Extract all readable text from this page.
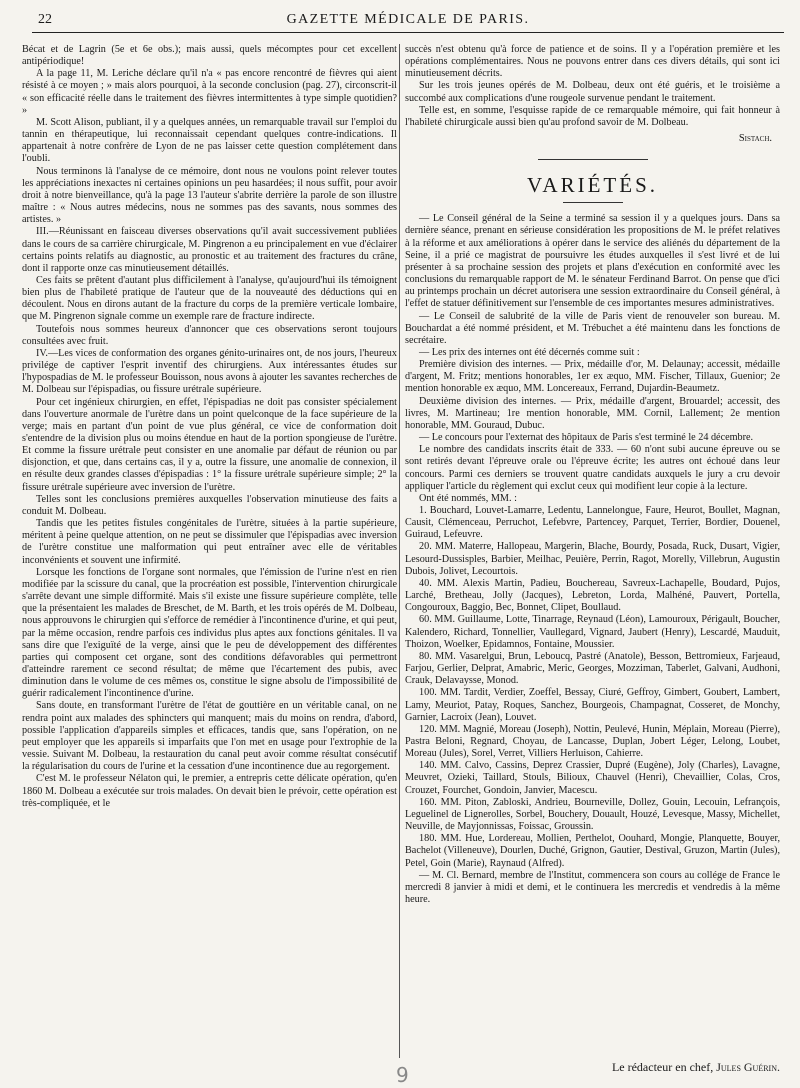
22	GAZETTE MÉDICALE DE PARIS.

Bécat et de Lagrin (5e et 6e obs.); mais aussi, quels mécomptes pour cet excellent antipériodique!

A la page 11, M. Leriche déclare qu'il n'a « pas encore rencontré de fièvres qui aient résisté à ce moyen ; » mais alors pourquoi, à la seconde conclusion (pag. 27), circonscrit-il « son efficacité réelle dans le traitement des fièvres intermittentes à type simple quotidien? »

M. Scott Alison, publiant, il y a quelques années, un remarquable travail sur l'emploi du tannin en thérapeutique, lui reconnaissait cependant quelques contre-indications. Il appartenait à notre confrère de Lyon de ne pas laisser cette question complétement dans l'oubli.

Nous terminons là l'analyse de ce mémoire, dont nous ne voulons point relever toutes les appréciations inexactes ni certaines opinions un peu hasardées; il nous suffit, pour avoir droit à notre bienveillance, qu'à la page 13 l'auteur s'abrite derrière la parole de son illustre maître : « Nous autres médecins, nous ne sommes pas des savants, nous sommes des artistes. »

III.—Réunissant en faisceau diverses observations qu'il avait successivement publiées dans le cours de sa carrière chirurgicale, M. Pingrenon a eu principalement en vue d'éclairer certains points relatifs au diagnostic, au pronostic et au traitement des fractures du crâne, dont il rapporte onze cas minutieusement détaillés.

Ces faits se prêtent d'autant plus difficilement à l'analyse, qu'aujourd'hui ils témoignent bien plus de l'habileté pratique de l'auteur que de la nouveauté des déductions qui en découlent. Nous en dirons autant de la fracture du corps de la première verticale lombaire, que M. Pingrenon signale comme un exemple rare de fracture indirecte.

Toutefois nous sommes heureux d'annoncer que ces observations seront toujours consultées avec fruit.

IV.—Les vices de conformation des organes génito-urinaires ont, de nos jours, l'heureux privilége de captiver l'esprit inventif des chirurgiens. Aux intéressantes études sur l'hypospadias de M. le professeur Bouisson, nous avons à ajouter les savantes recherches de M. Dolbeau sur l'épispadias, ou fissure urétrale supérieure.

Pour cet ingénieux chirurgien, en effet, l'épispadias ne doit pas consister spécialement dans l'ouverture anormale de l'urètre dans un point quelconque de la face supérieure de la verge; mais en partant d'un point de vue plus général, ce vice de conformation doit s'entendre de la division plus ou moins étendue en haut de la portion spongieuse de l'urètre. Et comme la fissure urétrale peut consister en une anomalie par défaut de réunion ou par disjonction, et que, dans certains cas, il y a, outre la fissure, une anomalie de connexion, il en résulte deux grandes classes d'épispadias : 1° la fissure urétrale supérieure simple; 2° la fissure urétrale supérieure avec inversion de l'urètre.

Telles sont les conclusions premières auxquelles l'observation minutieuse des faits a conduit M. Dolbeau.

Tandis que les petites fistules congénitales de l'urètre, situées à la partie supérieure, méritent à peine quelque attention, on ne peut se dissimuler que l'épispadias avec inversion de l'urètre constitue une malformation qui peut entraîner avec elle de véritables inconvénients et souvent une infirmité.

Lorsque les fonctions de l'organe sont normales, que l'émission de l'urine n'est en rien modifiée par la scissure du canal, que la procréation est possible, l'intervention chirurgicale s'arrête devant une simple difformité. Mais s'il existe une fissure supérieure complète, telle que la présentaient les malades de Breschet, de M. Barth, et les trois opérés de M. Dolbeau, nous approuvons le chirurgien qui s'efforce de remédier à l'incontinence d'urine, et qui peut, par la même occasion, rendre parfois ces individus plus aptes aux fonctions génitales. Il va sans dire que l'exiguïté de la verge, ainsi que le peu de développement des différentes parties qui composent cet organe, sont des conditions défavorables qui permettront d'atteindre rarement ce second résultat; de même que l'écartement des pubis, avec diminution dans le volume de ces mêmes os, constitue le signe absolu de l'impossibilité de guérir radicalement l'incontinence d'urine.

Sans doute, en transformant l'urètre de l'état de gouttière en un véritable canal, on ne rendra point aux malades des sphincters qui manquent; mais du moins on rendra, d'abord, possible l'application d'appareils simples et efficaces, tandis que, sans l'opération, on ne peut employer que les appareils si imparfaits que l'on met en usage pour l'extrophie de la vessie. Suivant M. Dolbeau, la restauration du canal peut avoir comme résultat consécutif la régularisation du cours de l'urine et la cessation d'une incontinence due au regorgement.

C'est M. le professeur Nélaton qui, le premier, a entrepris cette délicate opération, qu'en 1860 M. Dolbeau a exécutée sur trois malades. On devait bien le prévoir, cette opération est très-compliquée, et le

succès n'est obtenu qu'à force de patience et de soins. Il y a l'opération première et les opérations complémentaires. Nous ne pouvons entrer dans ces divers détails, qui sont ici minutieusement décrits.

Sur les trois jeunes opérés de M. Dolbeau, deux ont été guéris, et le troisième a succombé aux complications d'une rougeole survenue pendant le traitement.

Telle est, en somme, l'esquisse rapide de ce remarquable mémoire, qui fait honneur à l'habileté chirurgicale aussi bien qu'au profond savoir de M. Dolbeau.

Sistach.
VARIÉTÉS.

— Le Conseil général de la Seine a terminé sa session il y a quelques jours. Dans sa dernière séance, prenant en sérieuse considération les propositions de M. le préfet relatives à la réforme et aux améliorations à opérer dans le service des aliénés du département de la Seine, il a prié ce magistrat de poursuivre les études auxquelles il s'est livré et de lui présenter à sa prochaine session des projets et plans d'exécution en conformité avec les conclusions du remarquable rapport de M. le sénateur Ferdinand Barrot. On pense que d'ici au printemps prochain un décret autorisera une session extraordinaire du Conseil général, à l'effet de statuer définitivement sur l'ensemble de ces importantes mesures administratives.

— Le Conseil de salubrité de la ville de Paris vient de renouveler son bureau. M. Bouchardat a été nommé président, et M. Trébuchet a été maintenu dans les fonctions de secrétaire.

— Les prix des internes ont été décernés comme suit :

Première division des internes. — Prix, médaille d'or, M. Delaunay; accessit, médaille d'argent, M. Fritz; mentions honorables, 1er ex æquo, MM. Fischer, Tillaux, Guenior; 2e mention honorable ex æquo, MM. Loncereaux, Ferrand, Dujardin-Beaumetz.

Deuxième division des internes. — Prix, médaille d'argent, Brouardel; accessit, des livres, M. Martineau; 1re mention honorable, MM. Cornil, Lallement; 2e mention honorable, MM. Gouraud, Dubuc.

— Le concours pour l'externat des hôpitaux de Paris s'est terminé le 24 décembre.

Le nombre des candidats inscrits était de 333. — 60 n'ont subi aucune épreuve ou se sont retirés devant l'épreuve orale ou l'épreuve écrite; les autres ont échoué dans leur concours. Parmi ces derniers se trouvent quatre candidats auxquels le jury a cru devoir appliquer l'article du règlement qui exclut ceux qui modifient leur copie à la lecture.

Ont été nommés, MM. :

1. Bouchard, Louvet-Lamarre, Ledentu, Lannelongue, Faure, Heurot, Boullet, Magnan, Causit, Clémenceau, Perruchot, Lefebvre, Partencey, Parquet, Terrier, Bordier, Douenel, Guiraud, Lefeuvre.

20. MM. Materre, Hallopeau, Margerin, Blache, Bourdy, Posada, Ruck, Dusart, Vigier, Lesourd-Dussisples, Barbier, Meilhac, Peuière, Perrin, Ragot, Morelly, Villebrun, Augustin Dubois, Jolivet, Lecourtois.

40. MM. Alexis Martin, Padieu, Bouchereau, Savreux-Lachapelle, Boudard, Pujos, Larché, Bretheau, Jolly (Jacques), Lebreton, Lorda, Malhéné, Pauvert, Portella, Congouroux, Baggio, Bec, Bonnet, Clipet, Boullaud.

60. MM. Guillaume, Lotte, Tinarrage, Reynaud (Léon), Lamouroux, Périgault, Boucher, Kalendero, Richard, Tonnellier, Vaullegard, Vignard, Jaubert (Henry), Lescardé, Mauduit, Thoizon, Woelker, Epidamnos, Fontaine, Moussier.

80. MM. Vasarelgui, Brun, Leboucq, Pastré (Anatole), Besson, Bettromieux, Farjeaud, Farjou, Gerlier, Delprat, Amabric, Meric, Georges, Mozziman, Taberlet, Galvani, Audhoni, Crauk, Delavaysse, Monod.

100. MM. Tardit, Verdier, Zoeffel, Bessay, Ciuré, Geffroy, Gimbert, Goubert, Lambert, Lamy, Meuriot, Patay, Roques, Sanchez, Bourgeois, Champagnat, Cosseret, de Monchy, Garnier, Lacroix (Jean), Louvet.

120. MM. Magnié, Moreau (Joseph), Nottin, Peulevé, Hunin, Méplain, Moreau (Pierre), Pastra Beloni, Regnard, Choyau, de Lancasse, Duplan, Jobert Léger, Lelong, Loubet, Moreau (Jules), Sorel, Verret, Villiers Herluison, Cahierre.

140. MM. Calvo, Cassins, Deprez Crassier, Dupré (Eugène), Joly (Charles), Lavagne, Meuvret, Ozieki, Taillard, Stouls, Bilioux, Chauvel (Henri), Chevaillier, Colas, Cros, Crouzet, Fourchet, Gondoin, Janvier, Macescu.

160. MM. Piton, Zabloski, Andrieu, Bourneville, Dollez, Gouin, Lecouin, Lefrançois, Leguelinel de Lignerolles, Sorbel, Bouchery, Douault, Houzé, Levesque, Massy, Michellet, Neuville, de Mayjonnissas, Foissac, Groussin.

180. MM. Hue, Lordereau, Mollien, Perthelot, Oouhard, Mongie, Planquette, Bouyer, Bachelot (Villeneuve), Dourlen, Duché, Grignon, Gautier, Destival, Gruzon, Martin (Jules), Petel, Goin (Marie), Raynaud (Alfred).

— M. Cl. Bernard, membre de l'Institut, commencera son cours au collége de France le mercredi 8 janvier à midi et demi, et le continuera les mercredis et vendredis à la même heure.

9	Le rédacteur en chef, Jules Guérin.
